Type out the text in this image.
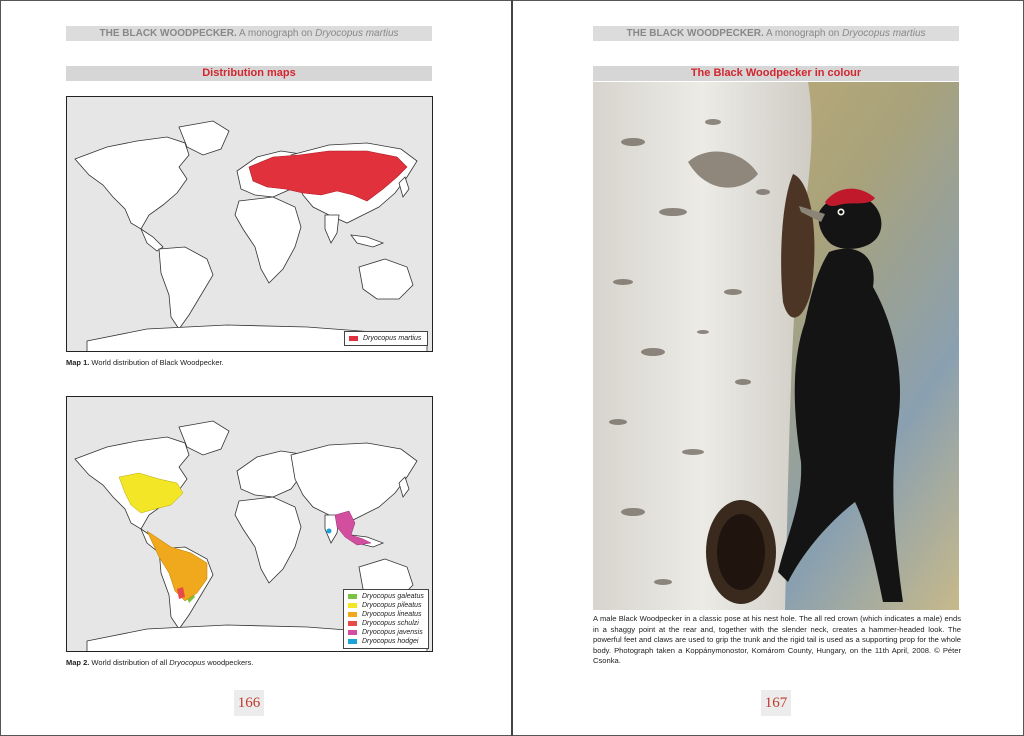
THE BLACK WOODPECKER. A monograph on Dryocopus martius
Distribution maps
Dryocopus martius
Map 1. World distribution of Black Woodpecker.
Dryocopus galeatus
Dryocopus pileatus
Dryocopus lineatus
Dryocopus schulzi
Dryocopus javensis
Dryocopus hodgei
Map 2. World distribution of all Dryocopus woodpeckers.
166
THE BLACK WOODPECKER. A monograph on Dryocopus martius
The Black Woodpecker in colour
A male Black Woodpecker in a classic pose at his nest hole. The all red crown (which indicates a male) ends in a shaggy point at the rear and, together with the slender neck, creates a hammer-headed look. The powerful feet and claws are used to grip the trunk and the rigid tail is used as a supporting prop for the whole body. Photograph taken a Koppánymonostor, Komárom County, Hungary, on the 11th April, 2008. © Péter Csonka.
167
